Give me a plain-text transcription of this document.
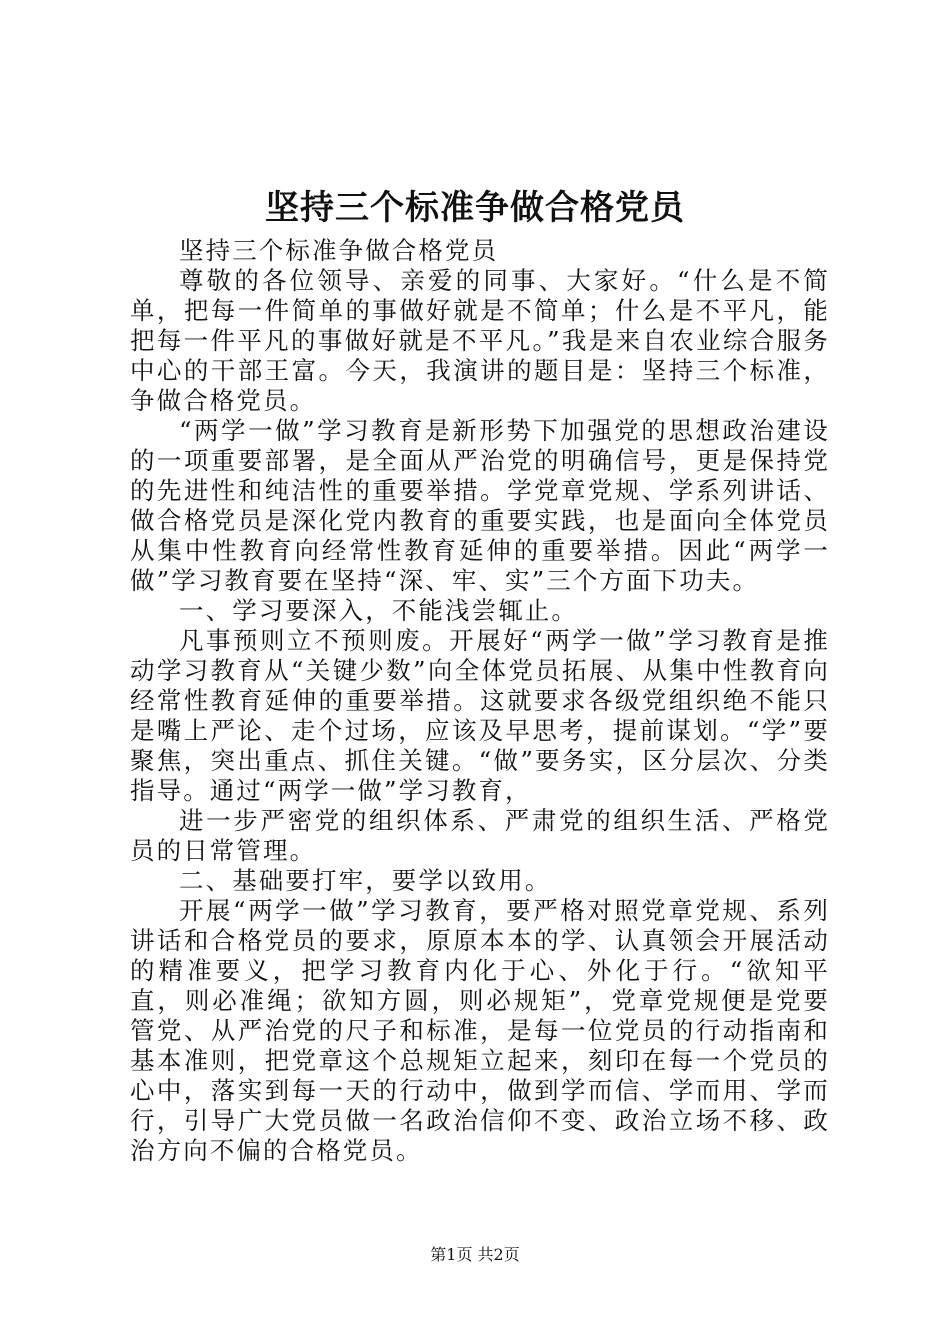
坚持三个标准争做合格党员

坚持三个标准争做合格党员

尊敬的各位领导、亲爱的同事、大家好。“什么是不简单，把每一件简单的事做好就是不简单；什么是不平凡，能把每一件平凡的事做好就是不平凡。”我是来自农业综合服务中心的干部王富。今天，我演讲的题目是：坚持三个标准，争做合格党员。

“两学一做”学习教育是新形势下加强党的思想政治建设的一项重要部署，是全面从严治党的明确信号，更是保持党的先进性和纯洁性的重要举措。学党章党规、学系列讲话、做合格党员是深化党内教育的重要实践，也是面向全体党员从集中性教育向经常性教育延伸的重要举措。因此“两学一做”学习教育要在坚持“深、牢、实”三个方面下功夫。

一、学习要深入，不能浅尝辄止。

凡事预则立不预则废。开展好“两学一做”学习教育是推动学习教育从“关键少数”向全体党员拓展、从集中性教育向经常性教育延伸的重要举措。这就要求各级党组织绝不能只是嘴上严论、走个过场，应该及早思考，提前谋划。“学”要聚焦，突出重点、抓住关键。“做”要务实，区分层次、分类指导。通过“两学一做”学习教育，

进一步严密党的组织体系、严肃党的组织生活、严格党员的日常管理。

二、基础要打牢，要学以致用。

开展“两学一做”学习教育，要严格对照党章党规、系列讲话和合格党员的要求，原原本本的学、认真领会开展活动的精准要义，把学习教育内化于心、外化于行。“欲知平直，则必准绳；欲知方圆，则必规矩”，党章党规便是党要管党、从严治党的尺子和标准，是每一位党员的行动指南和基本准则，把党章这个总规矩立起来，刻印在每一个党员的心中，落实到每一天的行动中，做到学而信、学而用、学而行，引导广大党员做一名政治信仰不变、政治立场不移、政治方向不偏的合格党员。

第1页 共2页
